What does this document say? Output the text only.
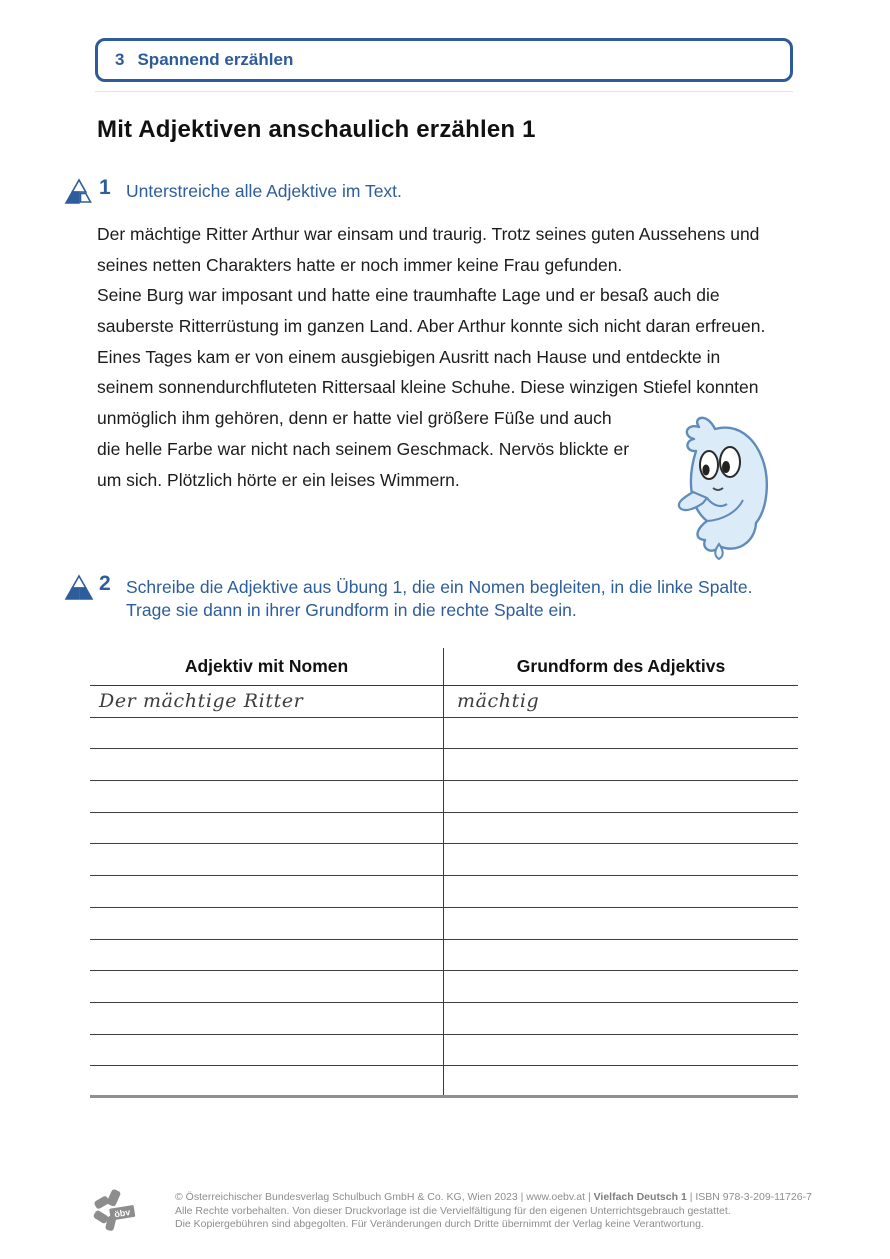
3 Spannend erzählen
Mit Adjektiven anschaulich erzählen 1
1 Unterstreiche alle Adjektive im Text.
Der mächtige Ritter Arthur war einsam und traurig. Trotz seines guten Aussehens und
seines netten Charakters hatte er noch immer keine Frau gefunden.
Seine Burg war imposant und hatte eine traumhafte Lage und er besaß auch die
sauberste Ritterrüstung im ganzen Land. Aber Arthur konnte sich nicht daran erfreuen.
Eines Tages kam er von einem ausgiebigen Ausritt nach Hause und entdeckte in
seinem sonnendurchfluteten Rittersaal kleine Schuhe. Diese winzigen Stiefel konnten
unmöglich ihm gehören, denn er hatte viel größere Füße und auch
die helle Farbe war nicht nach seinem Geschmack. Nervös blickte er
um sich. Plötzlich hörte er ein leises Wimmern.
2 Schreibe die Adjektive aus Übung 1, die ein Nomen begleiten, in die linke Spalte.
Trage sie dann in ihrer Grundform in die rechte Spalte ein.
Adjektiv mit Nomen	Grundform des Adjektivs
Der mächtige Ritter	mächtig
öbv
© Österreichischer Bundesverlag Schulbuch GmbH & Co. KG, Wien 2023 | www.oebv.at | Vielfach Deutsch 1 | ISBN 978-3-209-11726-7
Alle Rechte vorbehalten. Von dieser Druckvorlage ist die Vervielfältigung für den eigenen Unterrichtsgebrauch gestattet.
Die Kopiergebühren sind abgegolten. Für Veränderungen durch Dritte übernimmt der Verlag keine Verantwortung.
